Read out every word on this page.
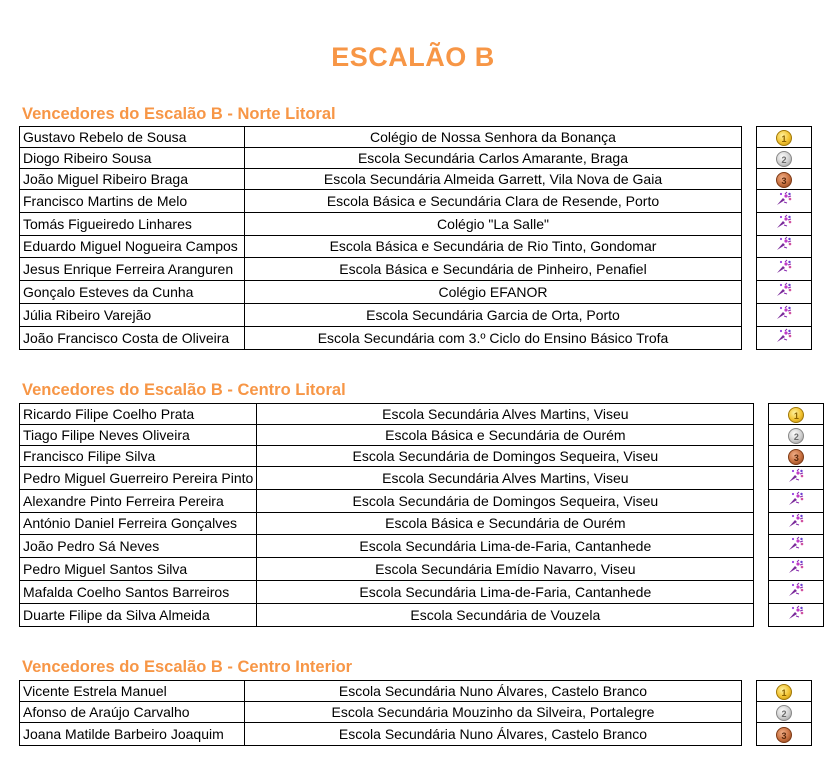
ESCALÃO B
Vencedores do Escalão B - Norte Litoral
Gustavo Rebelo de Sousa	Colégio de Nossa Senhora da Bonança		1

Diogo Ribeiro Sousa	Escola Secundária Carlos Amarante, Braga		2

João Miguel Ribeiro Braga	Escola Secundária Almeida Garrett, Vila Nova de Gaia		3

Francisco Martins de Melo	Escola Básica e Secundária Clara de Resende, Porto		
Tomás Figueiredo Linhares	Colégio "La Salle"		
Eduardo Miguel Nogueira Campos	Escola Básica e Secundária de Rio Tinto, Gondomar		
Jesus Enrique Ferreira Aranguren	Escola Básica e Secundária de Pinheiro, Penafiel		
Gonçalo Esteves da Cunha	Colégio EFANOR		
Júlia Ribeiro Varejão	Escola Secundária Garcia de Orta, Porto		
João Francisco Costa de Oliveira	Escola Secundária com 3.º Ciclo do Ensino Básico Trofa		
Vencedores do Escalão B - Centro Litoral
Ricardo Filipe Coelho Prata	Escola Secundária Alves Martins, Viseu		1

Tiago Filipe Neves Oliveira	Escola Básica e Secundária de Ourém		2

Francisco Filipe Silva	Escola Secundária de Domingos Sequeira, Viseu		3

Pedro Miguel Guerreiro Pereira Pinto	Escola Secundária Alves Martins, Viseu		
Alexandre Pinto Ferreira Pereira	Escola Secundária de Domingos Sequeira, Viseu		
António Daniel Ferreira Gonçalves	Escola Básica e Secundária de Ourém		
João Pedro Sá Neves	Escola Secundária Lima-de-Faria, Cantanhede		
Pedro Miguel Santos Silva	Escola Secundária Emídio Navarro, Viseu		
Mafalda Coelho Santos Barreiros	Escola Secundária Lima-de-Faria, Cantanhede		
Duarte Filipe da Silva Almeida	Escola Secundária de Vouzela		
Vencedores do Escalão B - Centro Interior
Vicente Estrela Manuel	Escola Secundária Nuno Álvares, Castelo Branco		1

Afonso de Araújo Carvalho	Escola Secundária Mouzinho da Silveira, Portalegre		2

Joana Matilde Barbeiro Joaquim	Escola Secundária Nuno Álvares, Castelo Branco		3
